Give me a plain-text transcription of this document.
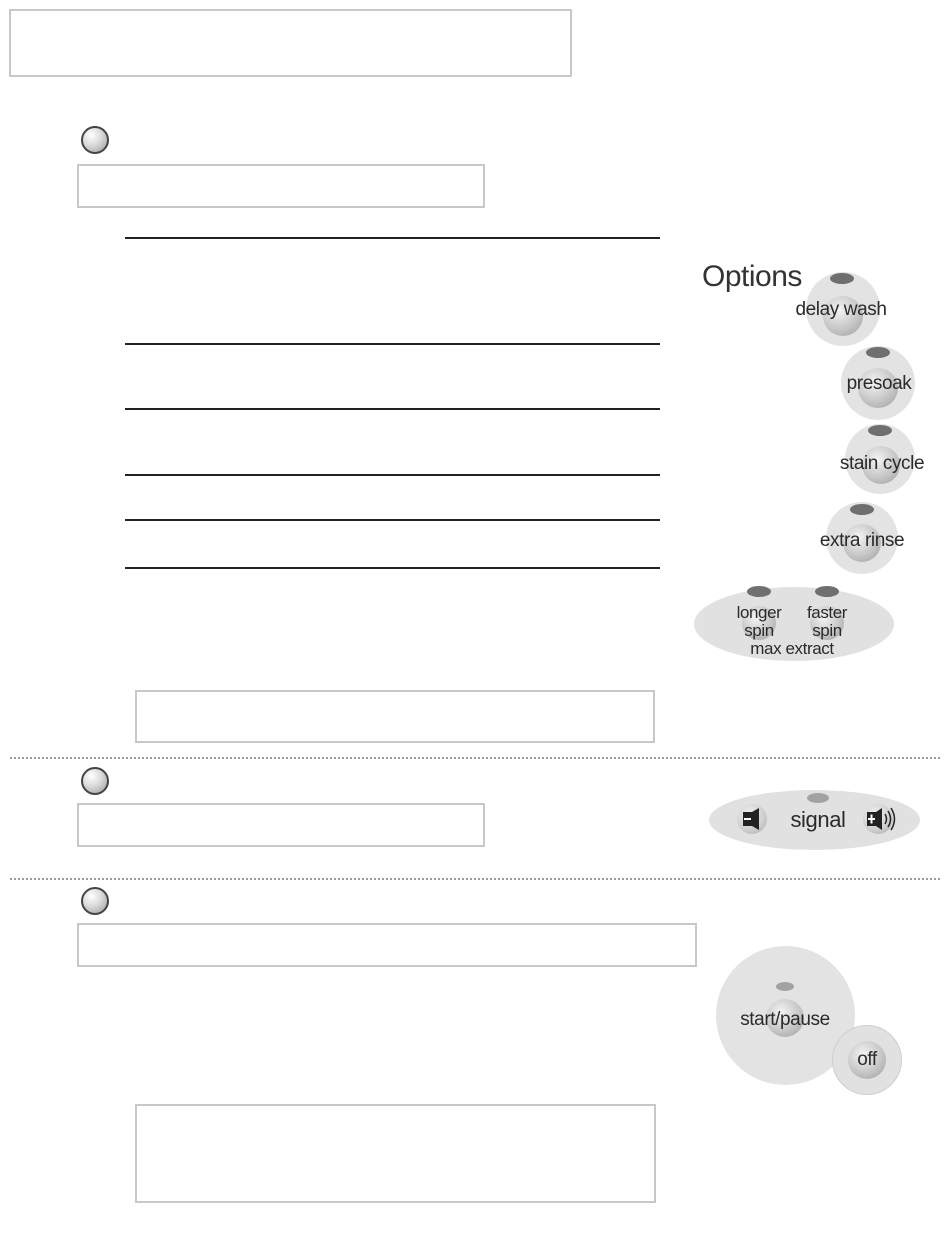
Options
delay wash
presoak
stain cycle
extra rinse
longer
spin
faster
spin
max extract
signal
start/pause
off
